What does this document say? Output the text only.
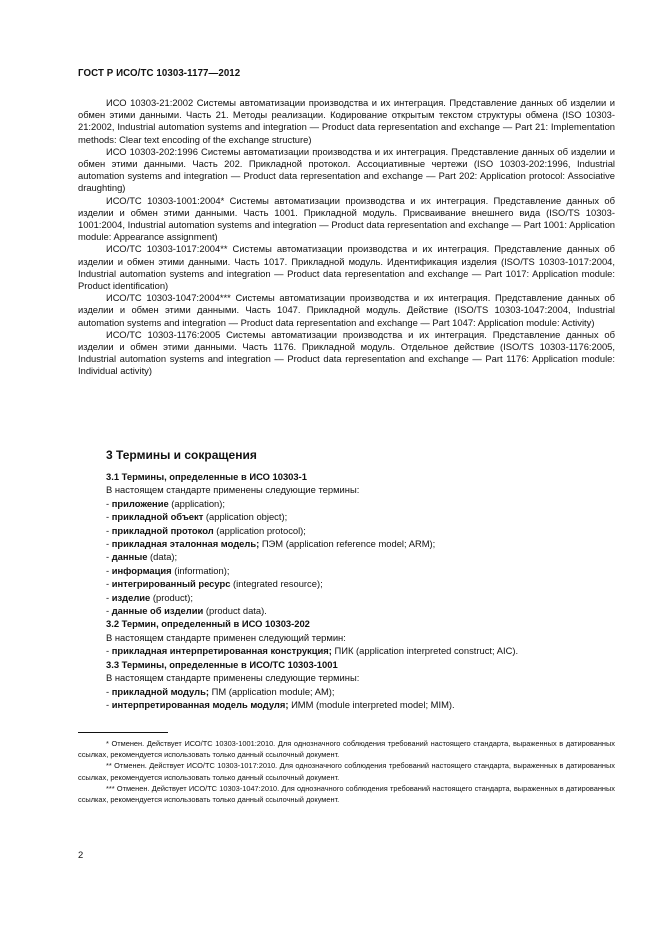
ГОСТ Р ИСО/ТС 10303-1177—2012

ИСО 10303-21:2002 Системы автоматизации производства и их интеграция. Представление данных об изделии и обмен этими данными. Часть 21. Методы реализации. Кодирование открытым текстом структуры обмена (ISO 10303-21:2002, Industrial automation systems and integration — Product data representation and exchange — Part 21: Implementation methods: Clear text encoding of the exchange structure)

ИСО 10303-202:1996 Системы автоматизации производства и их интеграция. Представление данных об изделии и обмен этими данными. Часть 202. Прикладной протокол. Ассоциативные чертежи (ISO 10303-202:1996, Industrial automation systems and integration — Product data representation and exchange — Part 202: Application protocol: Associative draughting)

ИСО/ТС 10303-1001:2004* Системы автоматизации производства и их интеграция. Представление данных об изделии и обмен этими данными. Часть 1001. Прикладной модуль. Присваивание внешнего вида (ISO/TS 10303-1001:2004, Industrial automation systems and integration — Product data representation and exchange — Part 1001: Application module: Appearance assignment)

ИСО/ТС 10303-1017:2004** Системы автоматизации производства и их интеграция. Представление данных об изделии и обмен этими данными. Часть 1017. Прикладной модуль. Идентификация изделия (ISO/TS 10303-1017:2004, Industrial automation systems and integration — Product data representation and exchange — Part 1017: Application module: Product identification)

ИСО/ТС 10303-1047:2004*** Системы автоматизации производства и их интеграция. Представление данных об изделии и обмен этими данными. Часть 1047. Прикладной модуль. Действие (ISO/TS 10303-1047:2004, Industrial automation systems and integration — Product data representation and exchange — Part 1047: Application module: Activity)

ИСО/ТС 10303-1176:2005 Системы автоматизации производства и их интеграция. Представление данных об изделии и обмен этими данными. Часть 1176. Прикладной модуль. Отдельное действие (ISO/TS 10303-1176:2005, Industrial automation systems and integration — Product data representation and exchange — Part 1176: Application module: Individual activity)

3 Термины и сокращения

3.1 Термины, определенные в ИСО 10303-1

В настоящем стандарте применены следующие термины:

- приложение (application);

- прикладной объект (application object);

- прикладной протокол (application protocol);

- прикладная эталонная модель; ПЭМ (application reference model; ARM);

- данные (data);

- информация (information);

- интегрированный ресурс (integrated resource);

- изделие (product);

- данные об изделии (product data).

3.2 Термин, определенный в ИСО 10303-202

В настоящем стандарте применен следующий термин:

- прикладная интерпретированная конструкция; ПИК (application interpreted construct; AIC).

3.3 Термины, определенные в ИСО/ТС 10303-1001

В настоящем стандарте применены следующие термины:

- прикладной модуль; ПМ (application module; AM);

- интерпретированная модель модуля; ИММ (module interpreted model; MIM).

* Отменен. Действует ИСО/ТС 10303-1001:2010. Для однозначного соблюдения требований настоящего стандарта, выраженных в датированных ссылках, рекомендуется использовать только данный ссылочный документ.

** Отменен. Действует ИСО/ТС 10303-1017:2010. Для однозначного соблюдения требований настоящего стандарта, выраженных в датированных ссылках, рекомендуется использовать только данный ссылочный документ.

*** Отменен. Действует ИСО/ТС 10303-1047:2010. Для однозначного соблюдения требований настоящего стандарта, выраженных в датированных ссылках, рекомендуется использовать только данный ссылочный документ.

2
